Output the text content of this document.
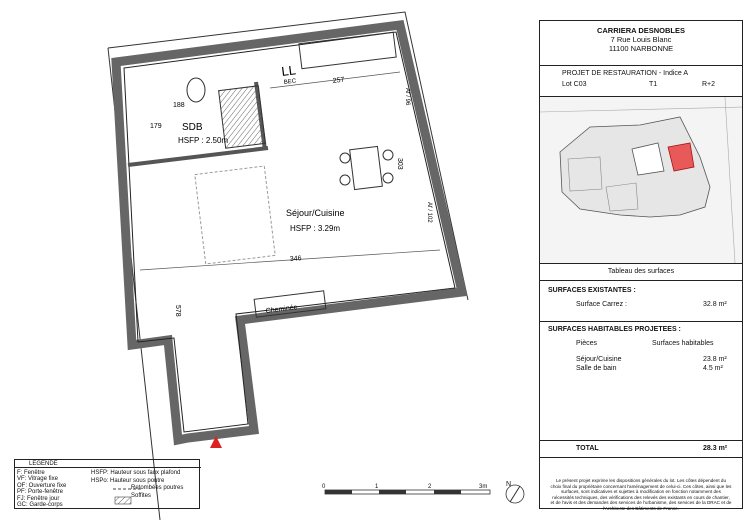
LL
BEC	257
188
179 SDB
HSFP : 2.50m
Séjour/Cuisine
HSFP : 3.29m
346
578
303
Af / 96
Af / 102
Cheminée
LEGENDE
F: Fenêtre
VF: Vitrage fixe
OF: Ouverture fixe
PF: Porte-fenêtre
FJ: Fenêtre jour
GC: Garde-corps
HSFP: Hauteur sous faux plafond
HSPo: Hauteur sous poutre
Retombées poutres
Soffites
0	1	2	3m	N
CARRIERA DESNOBLES
7 Rue Louis Blanc
11100 NARBONNE
PROJET DE RESTAURATION - Indice A
Lot C03	T1	R+2
Tableau des surfaces
SURFACES EXISTANTES :
Surface Carrez :	32.8 m²
SURFACES HABITABLES PROJETEES :
Pièces	Surfaces habitables
Séjour/Cuisine	23.8 m²
Salle de bain	4.5 m²
TOTAL	28.3 m²
Le présent projet exprime les dispositions générales du lot. Les côtes dépendent du choix final du propriétaire concernant l'aménagement de celui-ci. Ces côtes, ainsi que les surfaces, sont indicatives et sujettes à modification en fonction notamment des nécessités techniques, des vérifications des relevés des existants en cours de chantier, et de l'avis et des demandes des services de l'urbanisme, des services de la DRAC et de l'Architecte des Bâtiments de France.
